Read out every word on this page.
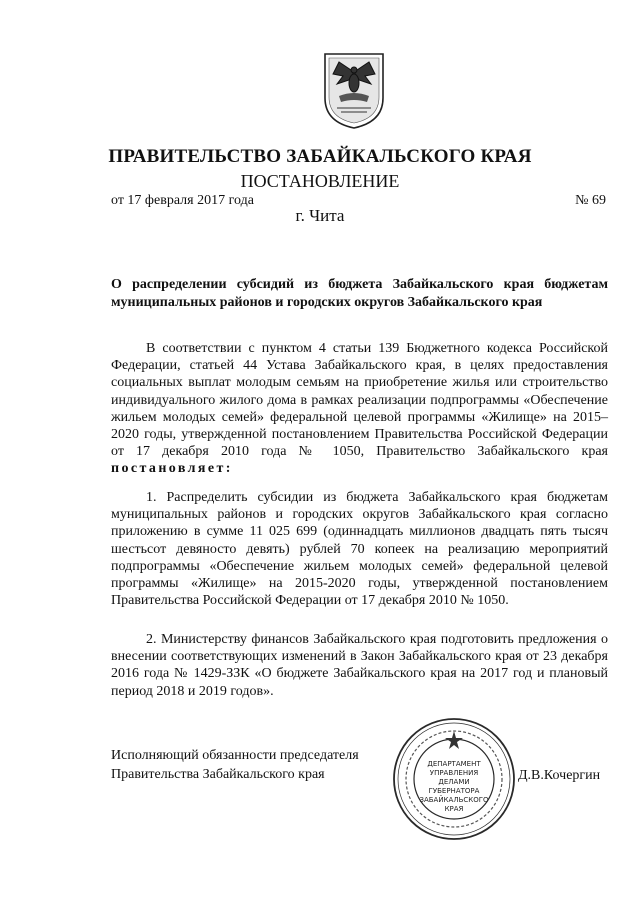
ПРАВИТЕЛЬСТВО ЗАБАЙКАЛЬСКОГО КРАЯ
ПОСТАНОВЛЕНИЕ
от 17 февраля 2017 года	№ 69
г. Чита
О распределении субсидий из бюджета Забайкальского края бюджетам муниципальных районов и городских округов Забайкальского края
В соответствии с пунктом 4 статьи 139 Бюджетного кодекса Российской Федерации, статьей 44 Устава Забайкальского края, в целях предоставления социальных выплат молодым семьям на приобретение жилья или строительство индивидуального жилого дома в рамках реализации подпрограммы «Обеспечение жильем молодых семей» федеральной целевой программы «Жилище» на 2015–2020 годы, утвержденной постановлением Правительства Российской Федерации от 17 декабря 2010 года № 1050, Правительство Забайкальского края постановляет:
1. Распределить субсидии из бюджета Забайкальского края бюджетам муниципальных районов и городских округов Забайкальского края согласно приложению в сумме 11 025 699 (одиннадцать миллионов двадцать пять тысяч шестьсот девяносто девять) рублей 70 копеек на реализацию мероприятий подпрограммы «Обеспечение жильем молодых семей» федеральной целевой программы «Жилище» на 2015-2020 годы, утвержденной постановлением Правительства Российской Федерации от 17 декабря 2010 № 1050.
2. Министерству финансов Забайкальского края подготовить предложения о внесении соответствующих изменений в Закон Забайкальского края от 23 декабря 2016 года № 1429-ЗЗК «О бюджете Забайкальского края на 2017 год и плановый период 2018 и 2019 годов».
Исполняющий обязанности председателя
Правительства Забайкальского края
ДЕПАРТАМЕНТ
УПРАВЛЕНИЯ
ДЕЛАМИ
ГУБЕРНАТОРА
ЗАБАЙКАЛЬСКОГО
КРАЯ
Д.В.Кочергин
